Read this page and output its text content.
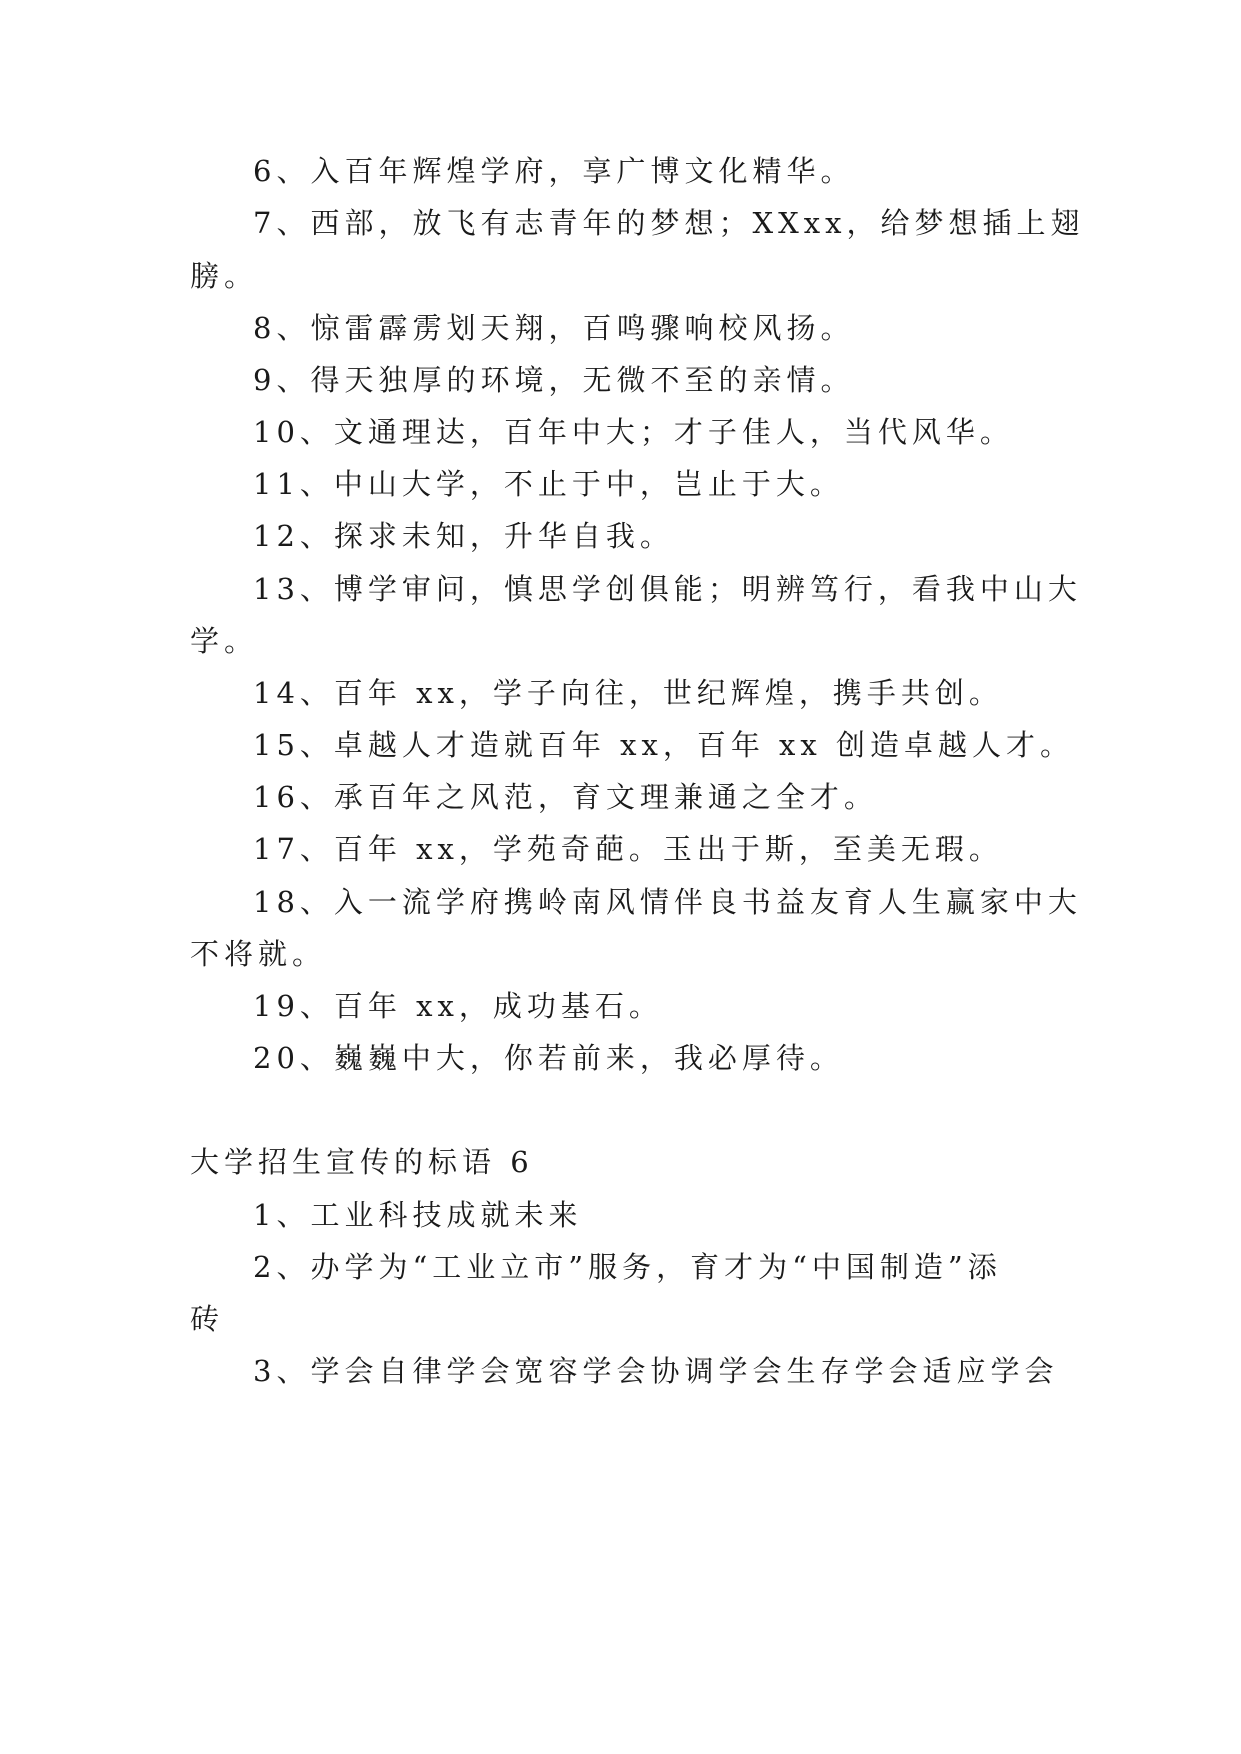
6、入百年辉煌学府，享广博文化精华。
7、西部，放飞有志青年的梦想；XXxx，给梦想插上翅
膀。
8、惊雷霹雳划天翔，百鸣骤响校风扬。
9、得天独厚的环境，无微不至的亲情。
10、文通理达，百年中大；才子佳人，当代风华。
11、中山大学，不止于中，岂止于大。
12、探求未知，升华自我。
13、博学审问，慎思学创俱能；明辨笃行，看我中山大
学。
14、百年 xx，学子向往，世纪辉煌，携手共创。
15、卓越人才造就百年 xx，百年 xx 创造卓越人才。
16、承百年之风范，育文理兼通之全才。
17、百年 xx，学苑奇葩。玉出于斯，至美无瑕。
18、入一流学府携岭南风情伴良书益友育人生赢家中大
不将就。
19、百年 xx，成功基石。
20、巍巍中大，你若前来，我必厚待。
大学招生宣传的标语 6
1、工业科技成就未来
2、办学为“工业立市”服务，育才为“中国制造”添
砖
3、学会自律学会宽容学会协调学会生存学会适应学会
